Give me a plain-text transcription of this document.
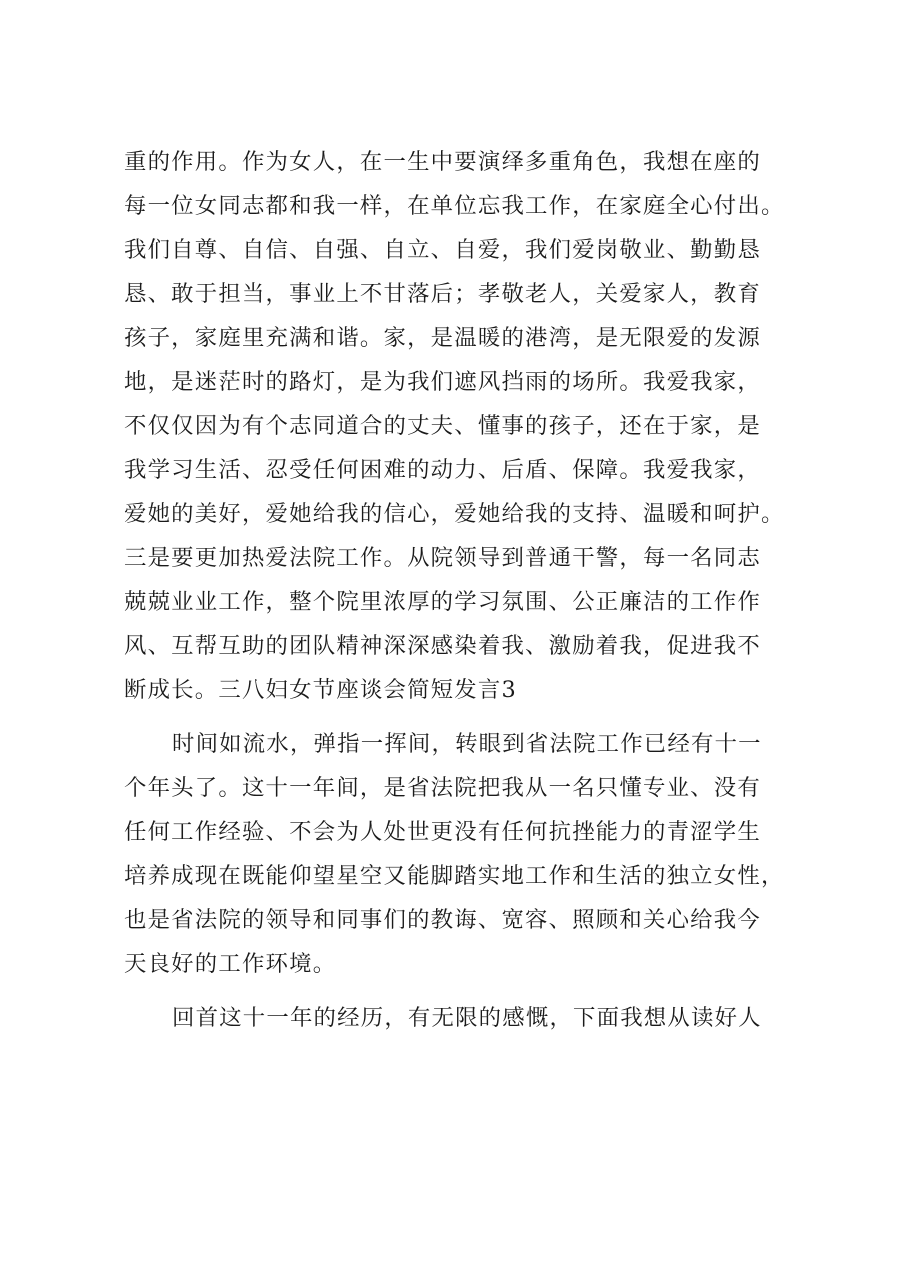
重的作用。作为女人，在一生中要演绎多重角色，我想在座的
每一位女同志都和我一样，在单位忘我工作，在家庭全心付出。
我们自尊、自信、自强、自立、自爱，我们爱岗敬业、勤勤恳
恳、敢于担当，事业上不甘落后；孝敬老人，关爱家人，教育
孩子，家庭里充满和谐。家，是温暖的港湾，是无限爱的发源
地，是迷茫时的路灯，是为我们遮风挡雨的场所。我爱我家，
不仅仅因为有个志同道合的丈夫、懂事的孩子，还在于家，是
我学习生活、忍受任何困难的动力、后盾、保障。我爱我家，
爱她的美好，爱她给我的信心，爱她给我的支持、温暖和呵护。
三是要更加热爱法院工作。从院领导到普通干警，每一名同志
兢兢业业工作，整个院里浓厚的学习氛围、公正廉洁的工作作
风、互帮互助的团队精神深深感染着我、激励着我，促进我不
断成长。三八妇女节座谈会简短发言3
时间如流水，弹指一挥间，转眼到省法院工作已经有十一
个年头了。这十一年间，是省法院把我从一名只懂专业、没有
任何工作经验、不会为人处世更没有任何抗挫能力的青涩学生
培养成现在既能仰望星空又能脚踏实地工作和生活的独立女性，
也是省法院的领导和同事们的教诲、宽容、照顾和关心给我今
天良好的工作环境。
回首这十一年的经历，有无限的感慨，下面我想从读好人
